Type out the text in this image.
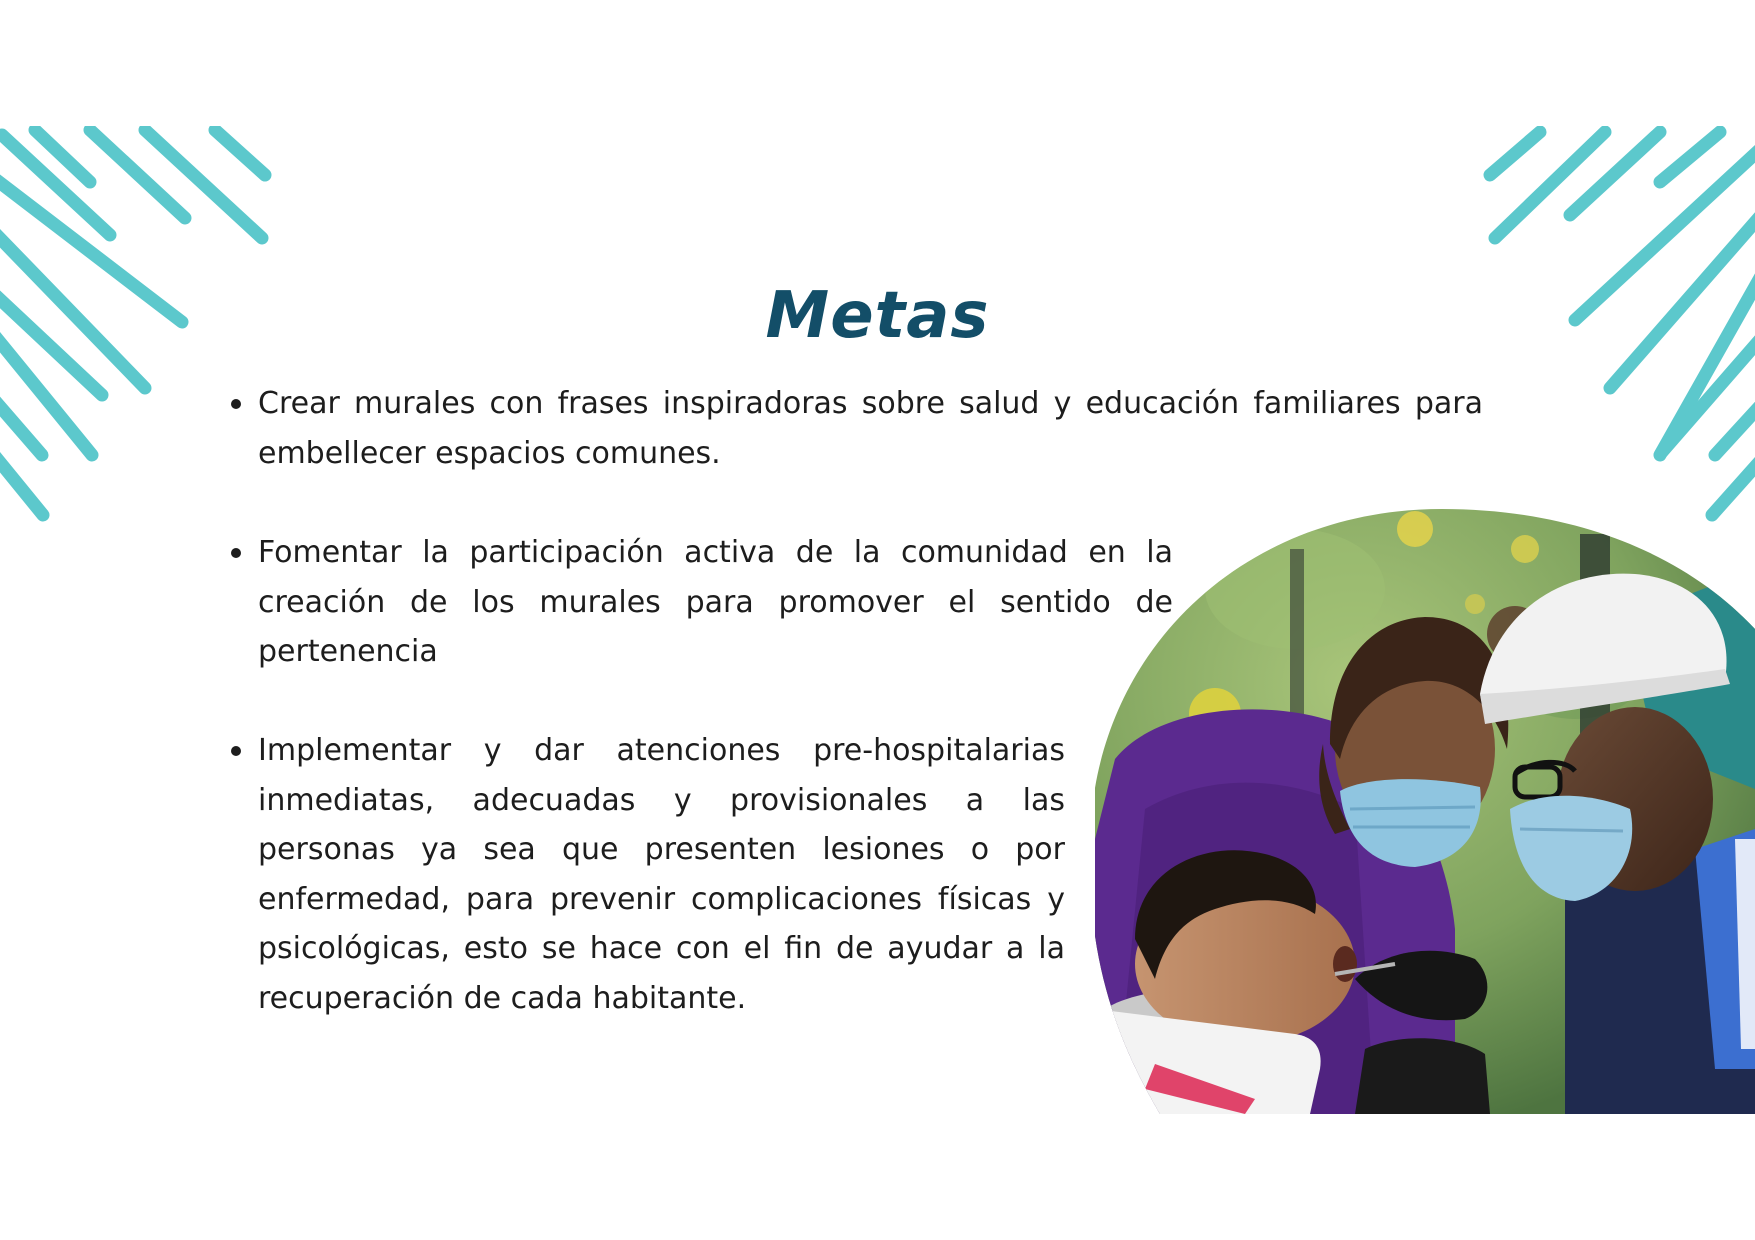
Metas

Crear murales con frases inspiradoras sobre salud y educación familiares para embellecer espacios comunes.

Fomentar la participación activa de la comunidad en la creación de los murales para promover el sentido de pertenencia

Implementar y dar atenciones pre-hospitalarias inmediatas, adecuadas y provisionales a las personas ya sea que presenten lesiones o por enfermedad, para prevenir complicaciones físicas y psicológicas, esto se hace con el fin de ayudar a la recuperación de cada habitante.
